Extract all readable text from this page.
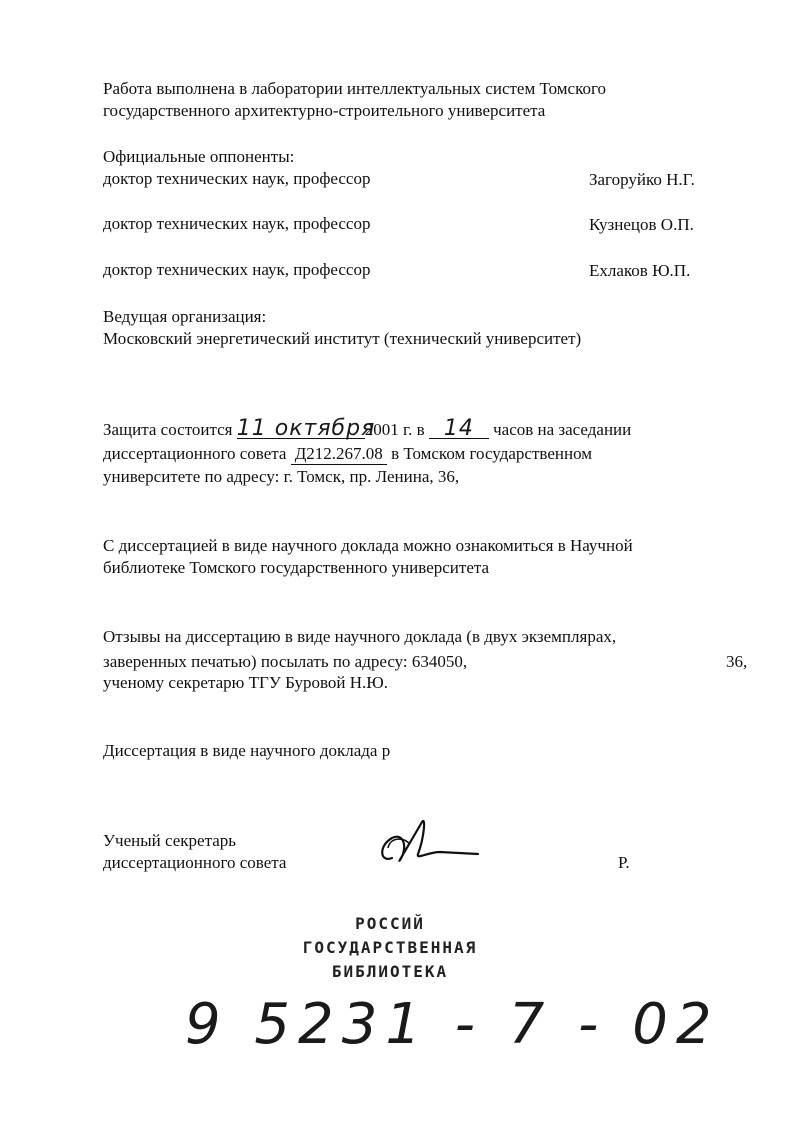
Работа выполнена в лаборатории интеллектуальных систем Томского
государственного архитектурно-строительного университета
Официальные оппоненты:
доктор технических наук, профессор	Загоруйко Н.Г.
доктор технических наук, профессор	Кузнецов О.П.
доктор технических наук, профессор	Ехлаков Ю.П.
Ведущая организация:
Московский энергетический институт (технический университет)
Защита состоится 11 октября2001 г. в 14 часов на заседании
диссертационного совета Д212.267.08 в Томском государственном
университете по адресу: г. Томск, пр. Ленина, 36,
С диссертацией в виде научного доклада можно ознакомиться в Научной
библиотеке Томского государственного университета
Отзывы на диссертацию в виде научного доклада (в двух экземплярах,
заверенных печатью) посылать по адресу: 634050,	36,
ученому секретарю ТГУ Буровой Н.Ю.
Диссертация в виде научного доклада р
Ученый секретарь
диссертационного совета	Р.
РОССИЙ
ГОСУДАРСТВЕННАЯ
БИБЛИОТЕКА
9 5231 - 7 - 02
